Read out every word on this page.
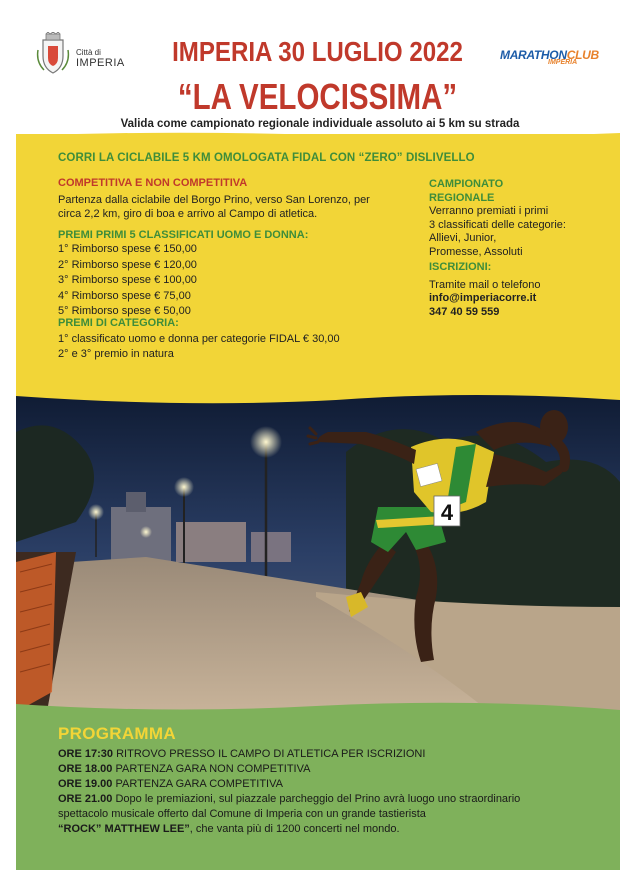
Città di
IMPERIA IMPERIA 30 LUGLIO 2022
“LA VELOCISSIMA”
MARATHONCLUB
IMPERIA
Valida come campionato regionale individuale assoluto ai 5 km su strada
CORRI LA CICLABILE 5 KM OMOLOGATA FIDAL CON “ZERO” DISLIVELLO
COMPETITIVA E NON COMPETITIVA
Partenza dalla ciclabile del Borgo Prino, verso San Lorenzo, per circa 2,2 km, giro di boa e arrivo al Campo di atletica.
PREMI PRIMI 5 CLASSIFICATI UOMO E DONNA:
1° Rimborso spese € 150,00
2° Rimborso spese € 120,00
3° Rimborso spese € 100,00
4° Rimborso spese € 75,00
5° Rimborso spese € 50,00
PREMI DI CATEGORIA:
1° classificato uomo e donna per categorie FIDAL € 30,00
2° e 3° premio in natura
CAMPIONATO
REGIONALE
Verranno premiati i primi
3 classificati delle categorie:
Allievi, Junior,
Promesse, Assoluti
ISCRIZIONI:
Tramite mail o telefono
info@imperiacorre.it
347 40 59 559
4
PROGRAMMA
ORE 17:30 RITROVO PRESSO IL CAMPO DI ATLETICA PER ISCRIZIONI
ORE 18.00 PARTENZA GARA NON COMPETITIVA
ORE 19.00 PARTENZA GARA COMPETITIVA
ORE 21.00 Dopo le premiazioni, sul piazzale parcheggio del Prino avrà luogo uno straordinario
spettacolo musicale offerto dal Comune di Imperia con un grande tastierista
“ROCK” MATTHEW LEE”, che vanta più di 1200 concerti nel mondo.
